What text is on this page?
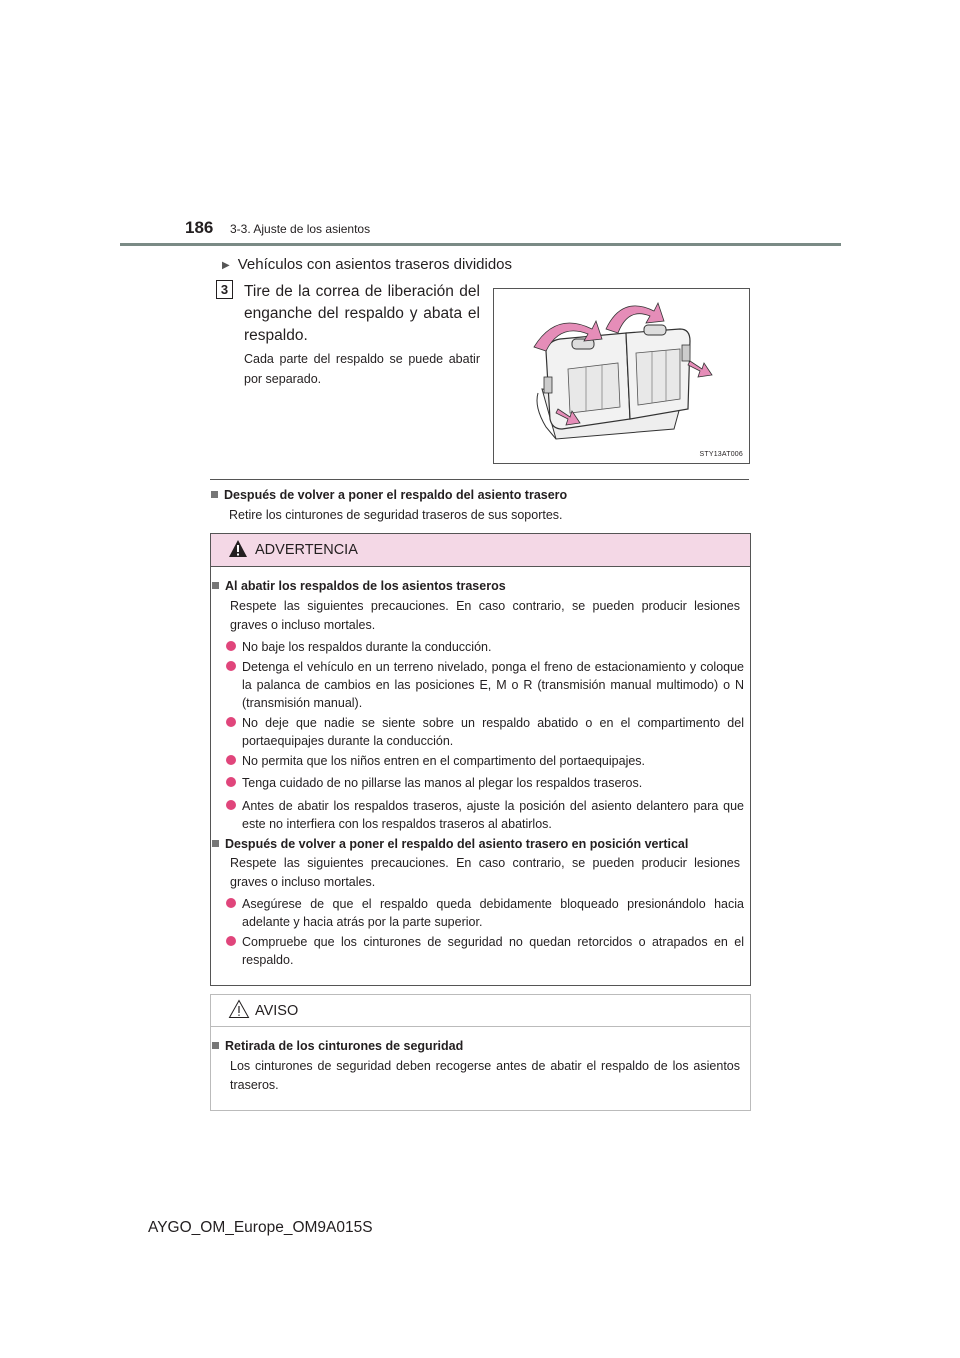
186 3-3. Ajuste de los asientos
▶ Vehículos con asientos traseros divididos
3	Tire de la correa de liberación del enganche del respaldo y abata el respaldo.
Cada parte del respaldo se puede abatir por separado.
STY13AT006
Después de volver a poner el respaldo del asiento trasero
Retire los cinturones de seguridad traseros de sus soportes.
ADVERTENCIA
Al abatir los respaldos de los asientos traseros
Respete las siguientes precauciones. En caso contrario, se pueden producir lesiones graves o incluso mortales.
No baje los respaldos durante la conducción.
Detenga el vehículo en un terreno nivelado, ponga el freno de estacionamiento y coloque la palanca de cambios en las posiciones E, M o R (transmisión manual multimodo) o N (transmisión manual).
No deje que nadie se siente sobre un respaldo abatido o en el compartimento del portaequipajes durante la conducción.
No permita que los niños entren en el compartimento del portaequipajes.
Tenga cuidado de no pillarse las manos al plegar los respaldos traseros.
Antes de abatir los respaldos traseros, ajuste la posición del asiento delantero para que este no interfiera con los respaldos traseros al abatirlos.
Después de volver a poner el respaldo del asiento trasero en posición vertical
Respete las siguientes precauciones. En caso contrario, se pueden producir lesiones graves o incluso mortales.
Asegúrese de que el respaldo queda debidamente bloqueado presionándolo hacia adelante y hacia atrás por la parte superior.
Compruebe que los cinturones de seguridad no quedan retorcidos o atrapados en el respaldo.
AVISO
Retirada de los cinturones de seguridad
Los cinturones de seguridad deben recogerse antes de abatir el respaldo de los asientos traseros.
AYGO_OM_Europe_OM9A015S
